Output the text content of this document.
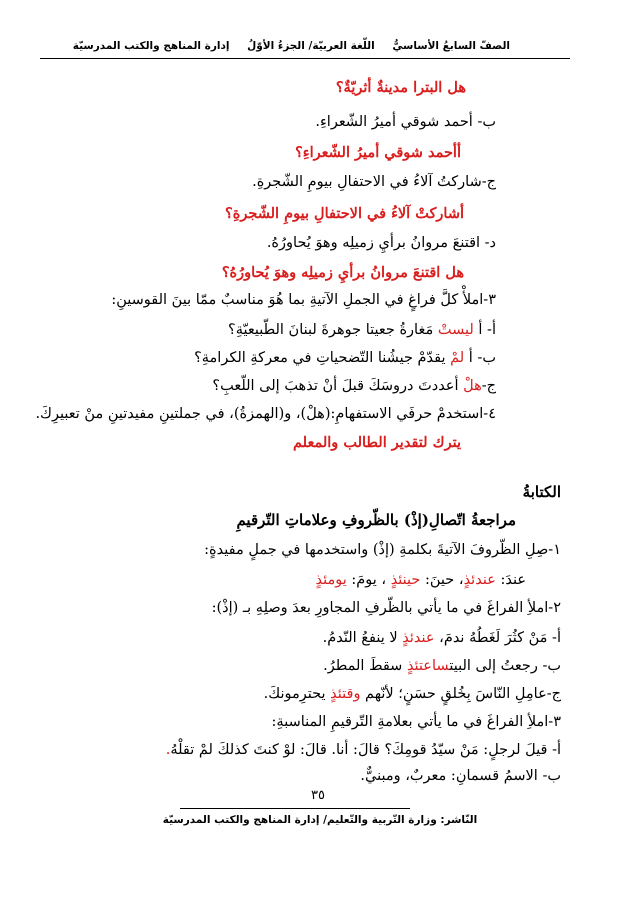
الصفّ السابعُ الأساسيُّ اللّغة العربيّة/ الجزءُ الأوّلُ إدارة المناهج والكتب المدرسيّة
هل البترا مدينةٌ أثريّةٌ؟
ب- أحمد شوقي أميرُ الشّعراءِ.
أأحمد شوقي أميرُ الشّعراءِ؟
ج-شاركتُ آلاءُ في الاحتفالِ بيومِ الشّجرةِ.
أشاركتْ آلاءُ في الاحتفالِ بيومِ الشّجرةِ؟
د- اقتنعَ مروانُ برأيِ زميلِه وهوَ يُحاورُهُ.
هل اقتنعَ مروانُ برأيِ زميلِه وهوَ يُحاورُهُ؟
٣-املأْ كلَّ فراغٍ في الجملِ الآتيةِ بما هُوَ مناسبٌ ممّا بينَ القوسينِ:
أ- أ ليستْ مَغارةُ جعيتا جوهرةَ لبنانَ الطّبيعيّةِ؟
ب- أ لمْ يقدّمْ جيشُنا التّضحياتِ في معركةِ الكرامةِ؟
ج-هلْ أعددتَ دروسَكَ قبلَ أنْ تذهبَ إلى اللّعبِ؟
٤-استخدمْ حرفَي الاستفهامِ:(هلْ)، و(الهمزةُ)، في جملتينِ مفيدتينِ منْ تعبيرِكَ.
يترك لتقدير الطالب والمعلم
الكتابةُ
مراجعةُ اتّصالِ(إذْ) بالظّروفِ وعلاماتِ التّرقيمِ
١-صِلِ الظّروفَ الآتيةَ بكلمةِ (إذْ) واستخدمها في جملٍ مفيدةٍ:
عندَ: عندئذٍ، حينَ: حينئذٍ ، يومَ: يومئذٍ
٢-املأِ الفراغَ في ما يأتي بالظّرفِ المجاورِ بعدَ وصلِهِ بـ (إذْ):
أ- مَنْ كثُرَ لَغَطُهُ ندمَ، عندئذٍ لا ينفعُ النّدمُ.
ب- رجعتُ إلى البيتساعتئذٍ سقطَ المطرُ.
ج-عامِلِ النّاسَ بِخُلقٍ حسَنٍ؛ لأنّهم وقتئذٍ يحترِمونكَ.
٣-املأِ الفراغَ في ما يأتي بعلامةِ التّرقيمِ المناسبةِ:
أ- قيلَ لرجلٍ: مَنْ سيّدُ قومِكَ؟ قالَ: أنا. قالَ: لوْ كنتَ كذلكَ لمْ تقلْهُ.
ب- الاسمُ قسمانِ: معربٌ، ومبنيٌّ.
٣٥
النّاشر: وزارة التّربية والتّعليم/ إدارة المناهج والكتب المدرسيّة
